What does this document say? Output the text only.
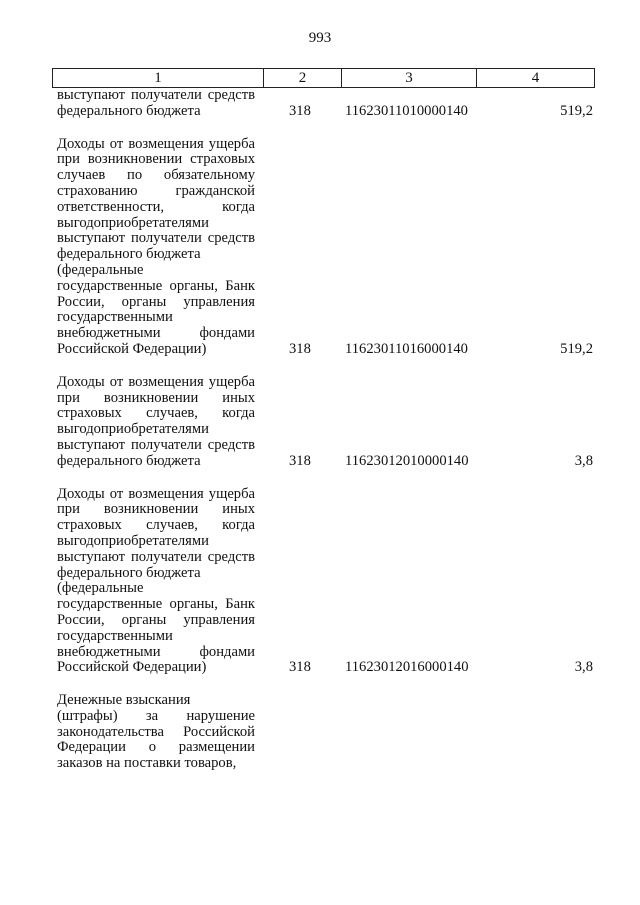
993
1	2	3	4
выступают получатели средств
федерального бюджета	318 11623011010000140	519,2
Доходы от возмещения ущерба
при возникновении страховых
случаев по обязательному
страхованию гражданской
ответственности, когда
выгодоприобретателями
выступают получатели средств
федерального бюджета
(федеральные
государственные органы, Банк
России, органы управления
государственными
внебюджетными фондами
Российской Федерации)	318 11623011016000140	519,2
Доходы от возмещения ущерба
при возникновении иных
страховых случаев, когда
выгодоприобретателями
выступают получатели средств
федерального бюджета	318 11623012010000140	3,8
Доходы от возмещения ущерба
при возникновении иных
страховых случаев, когда
выгодоприобретателями
выступают получатели средств
федерального бюджета
(федеральные
государственные органы, Банк
России, органы управления
государственными
внебюджетными фондами
Российской Федерации)	318 11623012016000140	3,8
Денежные взыскания
(штрафы) за нарушение
законодательства Российской
Федерации о размещении
заказов на поставки товаров,
